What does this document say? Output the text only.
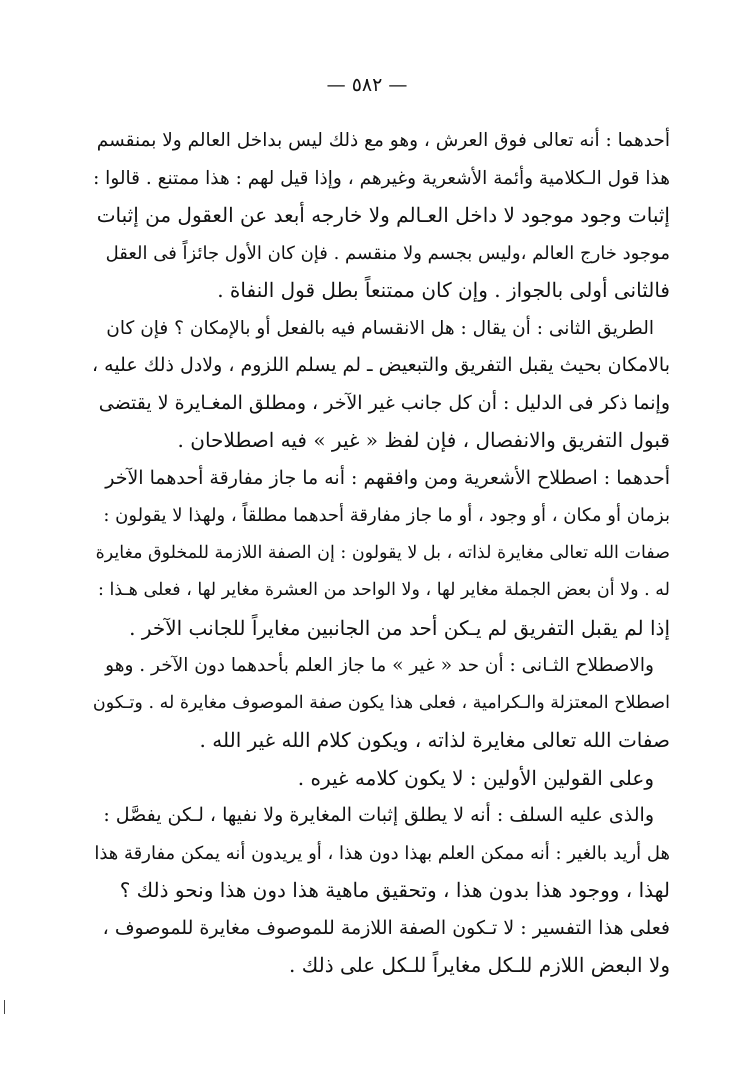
— ٥٨٢ —
أحدهما : أنه تعالى فوق العرش ، وهو مع ذلك ليس بداخل العالم ولا بمنقسم
هذا قول الـكلامية وأئمة الأشعرية وغيرهم ، وإذا قيل لهم : هذا ممتنع . قالوا :
إثبات وجود موجود لا داخل العـالم ولا خارجه أبعد عن العقول من إثبات
موجود خارج العالم ،وليس بجسم ولا منقسم . فإن كان الأول جائزاً فى العقل
فالثانى أولى بالجواز . وإن كان ممتنعاً بطل قول النفاة .
الطريق الثانى : أن يقال : هل الانقسام فيه بالفعل أو بالإمكان ؟ فإن كان
بالامكان بحيث يقبل التفريق والتبعيض ـ لم يسلم اللزوم ، ولادل ذلك عليه ،
وإنما ذكر فى الدليل : أن كل جانب غير الآخر ، ومطلق المغـايرة لا يقتضى
قبول التفريق والانفصال ، فإن لفظ « غير » فيه اصطلاحان .
أحدهما : اصطلاح الأشعرية ومن وافقهم : أنه ما جاز مفارقة أحدهما الآخر
بزمان أو مكان ، أو وجود ، أو ما جاز مفارقة أحدهما مطلقاً ، ولهذا لا يقولون :
صفات الله تعالى مغايرة لذاته ، بل لا يقولون : إن الصفة اللازمة للمخلوق مغايرة
له . ولا أن بعض الجملة مغاير لها ، ولا الواحد من العشرة مغاير لها ، فعلى هـذا :
إذا لم يقبل التفريق لم يـكن أحد من الجانبين مغايراً للجانب الآخر .
والاصطلاح الثـانى : أن حد « غير » ما جاز العلم بأحدهما دون الآخر . وهو
اصطلاح المعتزلة والـكرامية ، فعلى هذا يكون صفة الموصوف مغايرة له . وتـكون
صفات الله تعالى مغايرة لذاته ، ويكون كلام الله غير الله .
وعلى القولين الأولين : لا يكون كلامه غيره .
والذى عليه السلف : أنه لا يطلق إثبات المغايرة ولا نفيها ، لـكن يفصَّل :
هل أريد بالغير : أنه ممكن العلم بهذا دون هذا ، أو يريدون أنه يمكن مفارقة هذا
لهذا ، ووجود هذا بدون هذا ، وتحقيق ماهية هذا دون هذا ونحو ذلك ؟
فعلى هذا التفسير : لا تـكون الصفة اللازمة للموصوف مغايرة للموصوف ،
ولا البعض اللازم للـكل مغايراً للـكل على ذلك .
